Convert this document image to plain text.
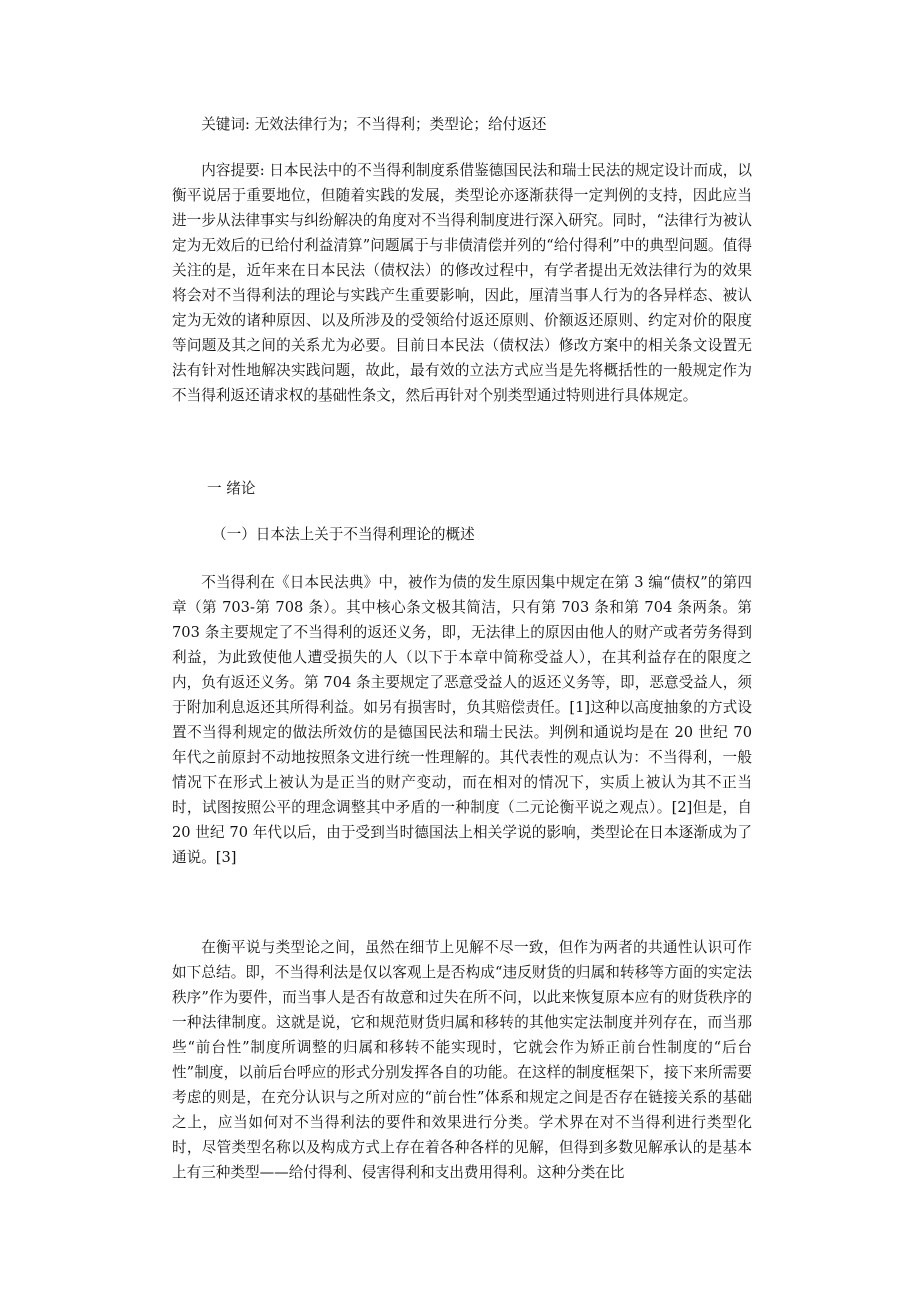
关键词: 无效法律行为；不当得利；类型论；给付返还

内容提要: 日本民法中的不当得利制度系借鉴德国民法和瑞士民法的规定设计而成，以衡平说居于重要地位，但随着实践的发展，类型论亦逐渐获得一定判例的支持，因此应当进一步从法律事实与纠纷解决的角度对不当得利制度进行深入研究。同时，“法律行为被认定为无效后的已给付利益清算”问题属于与非债清偿并列的“给付得利”中的典型问题。值得关注的是，近年来在日本民法（债权法）的修改过程中，有学者提出无效法律行为的效果将会对不当得利法的理论与实践产生重要影响，因此，厘清当事人行为的各异样态、被认定为无效的诸种原因、以及所涉及的受领给付返还原则、价额返还原则、约定对价的限度等问题及其之间的关系尤为必要。目前日本民法（债权法）修改方案中的相关条文设置无法有针对性地解决实践问题，故此，最有效的立法方式应当是先将概括性的一般规定作为不当得利返还请求权的基础性条文，然后再针对个别类型通过特则进行具体规定。

一 绪论

（一）日本法上关于不当得利理论的概述

不当得利在《日本民法典》中，被作为债的发生原因集中规定在第 3 编“债权”的第四章（第 703-第 708 条）。其中核心条文极其简洁，只有第 703 条和第 704 条两条。第 703 条主要规定了不当得利的返还义务，即，无法律上的原因由他人的财产或者劳务得到利益，为此致使他人遭受损失的人（以下于本章中简称受益人），在其利益存在的限度之内，负有返还义务。第 704 条主要规定了恶意受益人的返还义务等，即，恶意受益人，须于附加利息返还其所得利益。如另有损害时，负其赔偿责任。[1]这种以高度抽象的方式设置不当得利规定的做法所效仿的是德国民法和瑞士民法。判例和通说均是在 20 世纪 70 年代之前原封不动地按照条文进行统一性理解的。其代表性的观点认为：不当得利，一般情况下在形式上被认为是正当的财产变动，而在相对的情况下，实质上被认为其不正当时，试图按照公平的理念调整其中矛盾的一种制度（二元论衡平说之观点）。[2]但是，自 20 世纪 70 年代以后，由于受到当时德国法上相关学说的影响，类型论在日本逐渐成为了通说。[3]

在衡平说与类型论之间，虽然在细节上见解不尽一致，但作为两者的共通性认识可作如下总结。即，不当得利法是仅以客观上是否构成“违反财货的归属和转移等方面的实定法秩序”作为要件，而当事人是否有故意和过失在所不问，以此来恢复原本应有的财货秩序的一种法律制度。这就是说，它和规范财货归属和移转的其他实定法制度并列存在，而当那些“前台性”制度所调整的归属和移转不能实现时，它就会作为矫正前台性制度的“后台性”制度，以前后台呼应的形式分别发挥各自的功能。在这样的制度框架下，接下来所需要考虑的则是，在充分认识与之所对应的“前台性”体系和规定之间是否存在链接关系的基础之上，应当如何对不当得利法的要件和效果进行分类。学术界在对不当得利进行类型化时，尽管类型名称以及构成方式上存在着各种各样的见解，但得到多数见解承认的是基本上有三种类型——给付得利、侵害得利和支出费用得利。这种分类在比
